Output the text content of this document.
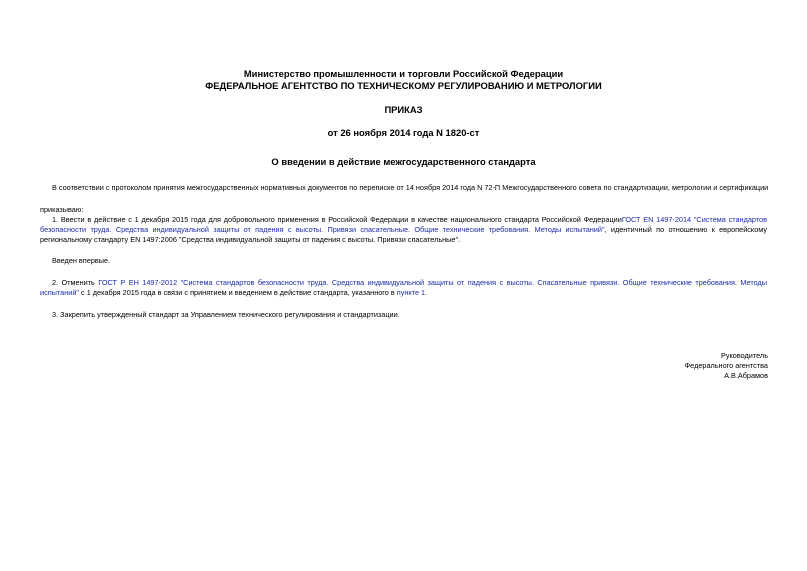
Министерство промышленности и торговли Российской Федерации
ФЕДЕРАЛЬНОЕ АГЕНТСТВО ПО ТЕХНИЧЕСКОМУ РЕГУЛИРОВАНИЮ И МЕТРОЛОГИИ
ПРИКАЗ
от 26 ноября 2014 года N 1820-ст
О введении в действие межгосударственного стандарта
В соответствии с протоколом принятия межгосударственных нормативных документов по переписке от 14 ноября 2014 года N 72-П Межгосударственного совета по стандартизации, метрологии и сертификации
приказываю:
1. Ввести в действие с 1 декабря 2015 года для добровольного применения в Российской Федерации в качестве национального стандарта Российской ФедерацииГОСТ EN 1497-2014 "Система стандартов безопасности труда. Средства индивидуальной защиты от падения с высоты. Привязи спасательные. Общие технические требования. Методы испытаний", идентичный по отношению к европейскому региональному стандарту EN 1497:2006 "Средства индивидуальной защиты от падения с высоты. Привязи спасательные".
Введен впервые.
2. Отменить ГОСТ Р ЕН 1497-2012 "Система стандартов безопасности труда. Средства индивидуальной защиты от падения с высоты. Спасательные привязи. Общие технические требования. Методы испытаний" с 1 декабря 2015 года в связи с принятием и введением в действие стандарта, указанного в пункте 1.
3. Закрепить утвержденный стандарт за Управлением технического регулирования и стандартизации.
Руководитель
Федерального агентства
А.В.Абрамов
